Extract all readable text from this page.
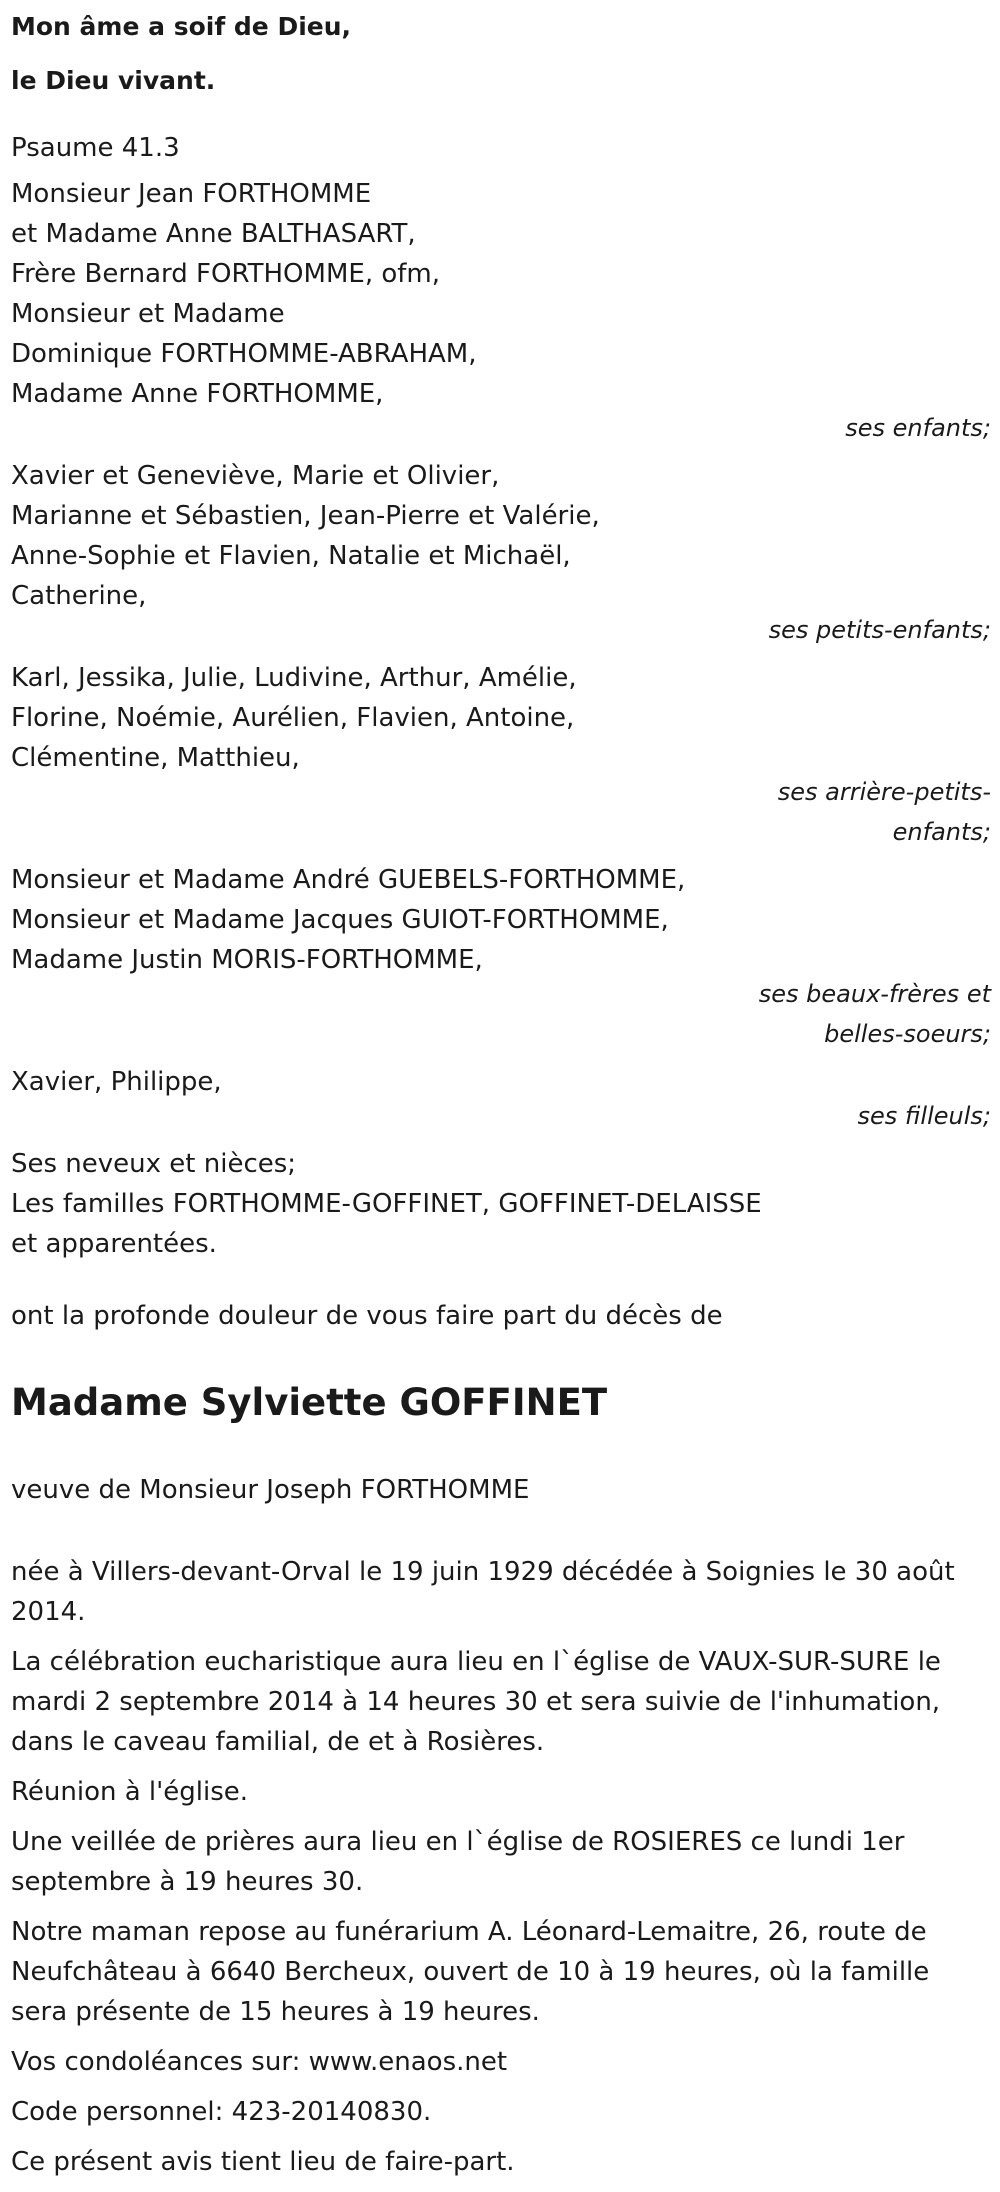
Mon âme a soif de Dieu,
le Dieu vivant.
Psaume 41.3
Monsieur Jean FORTHOMME
et Madame Anne BALTHASART,
Frère Bernard FORTHOMME, ofm,
Monsieur et Madame
Dominique FORTHOMME-ABRAHAM,
Madame Anne FORTHOMME,
ses enfants;
Xavier et Geneviève, Marie et Olivier,
Marianne et Sébastien, Jean-Pierre et Valérie,
Anne-Sophie et Flavien, Natalie et Michaël,
Catherine,
ses petits-enfants;
Karl, Jessika, Julie, Ludivine, Arthur, Amélie,
Florine, Noémie, Aurélien, Flavien, Antoine,
Clémentine, Matthieu,
ses arrière-petits-
enfants;
Monsieur et Madame André GUEBELS-FORTHOMME,
Monsieur et Madame Jacques GUIOT-FORTHOMME,
Madame Justin MORIS-FORTHOMME,
ses beaux-frères et
belles-soeurs;
Xavier, Philippe,
ses filleuls;
Ses neveux et nièces;
Les familles FORTHOMME-GOFFINET, GOFFINET-DELAISSE
et apparentées.
ont la profonde douleur de vous faire part du décès de
Madame Sylviette GOFFINET
veuve de Monsieur Joseph FORTHOMME

née à Villers-devant-Orval le 19 juin 1929 décédée à Soignies le 30 août
2014.

La célébration eucharistique aura lieu en l`église de VAUX-SUR-SURE le
mardi 2 septembre 2014 à 14 heures 30 et sera suivie de l'inhumation,
dans le caveau familial, de et à Rosières.

Réunion à l'église.

Une veillée de prières aura lieu en l`église de ROSIERES ce lundi 1er
septembre à 19 heures 30.

Notre maman repose au funérarium A. Léonard-Lemaitre, 26, route de
Neufchâteau à 6640 Bercheux, ouvert de 10 à 19 heures, où la famille
sera présente de 15 heures à 19 heures.

Vos condoléances sur: www.enaos.net

Code personnel: 423-20140830.

Ce présent avis tient lieu de faire-part.
